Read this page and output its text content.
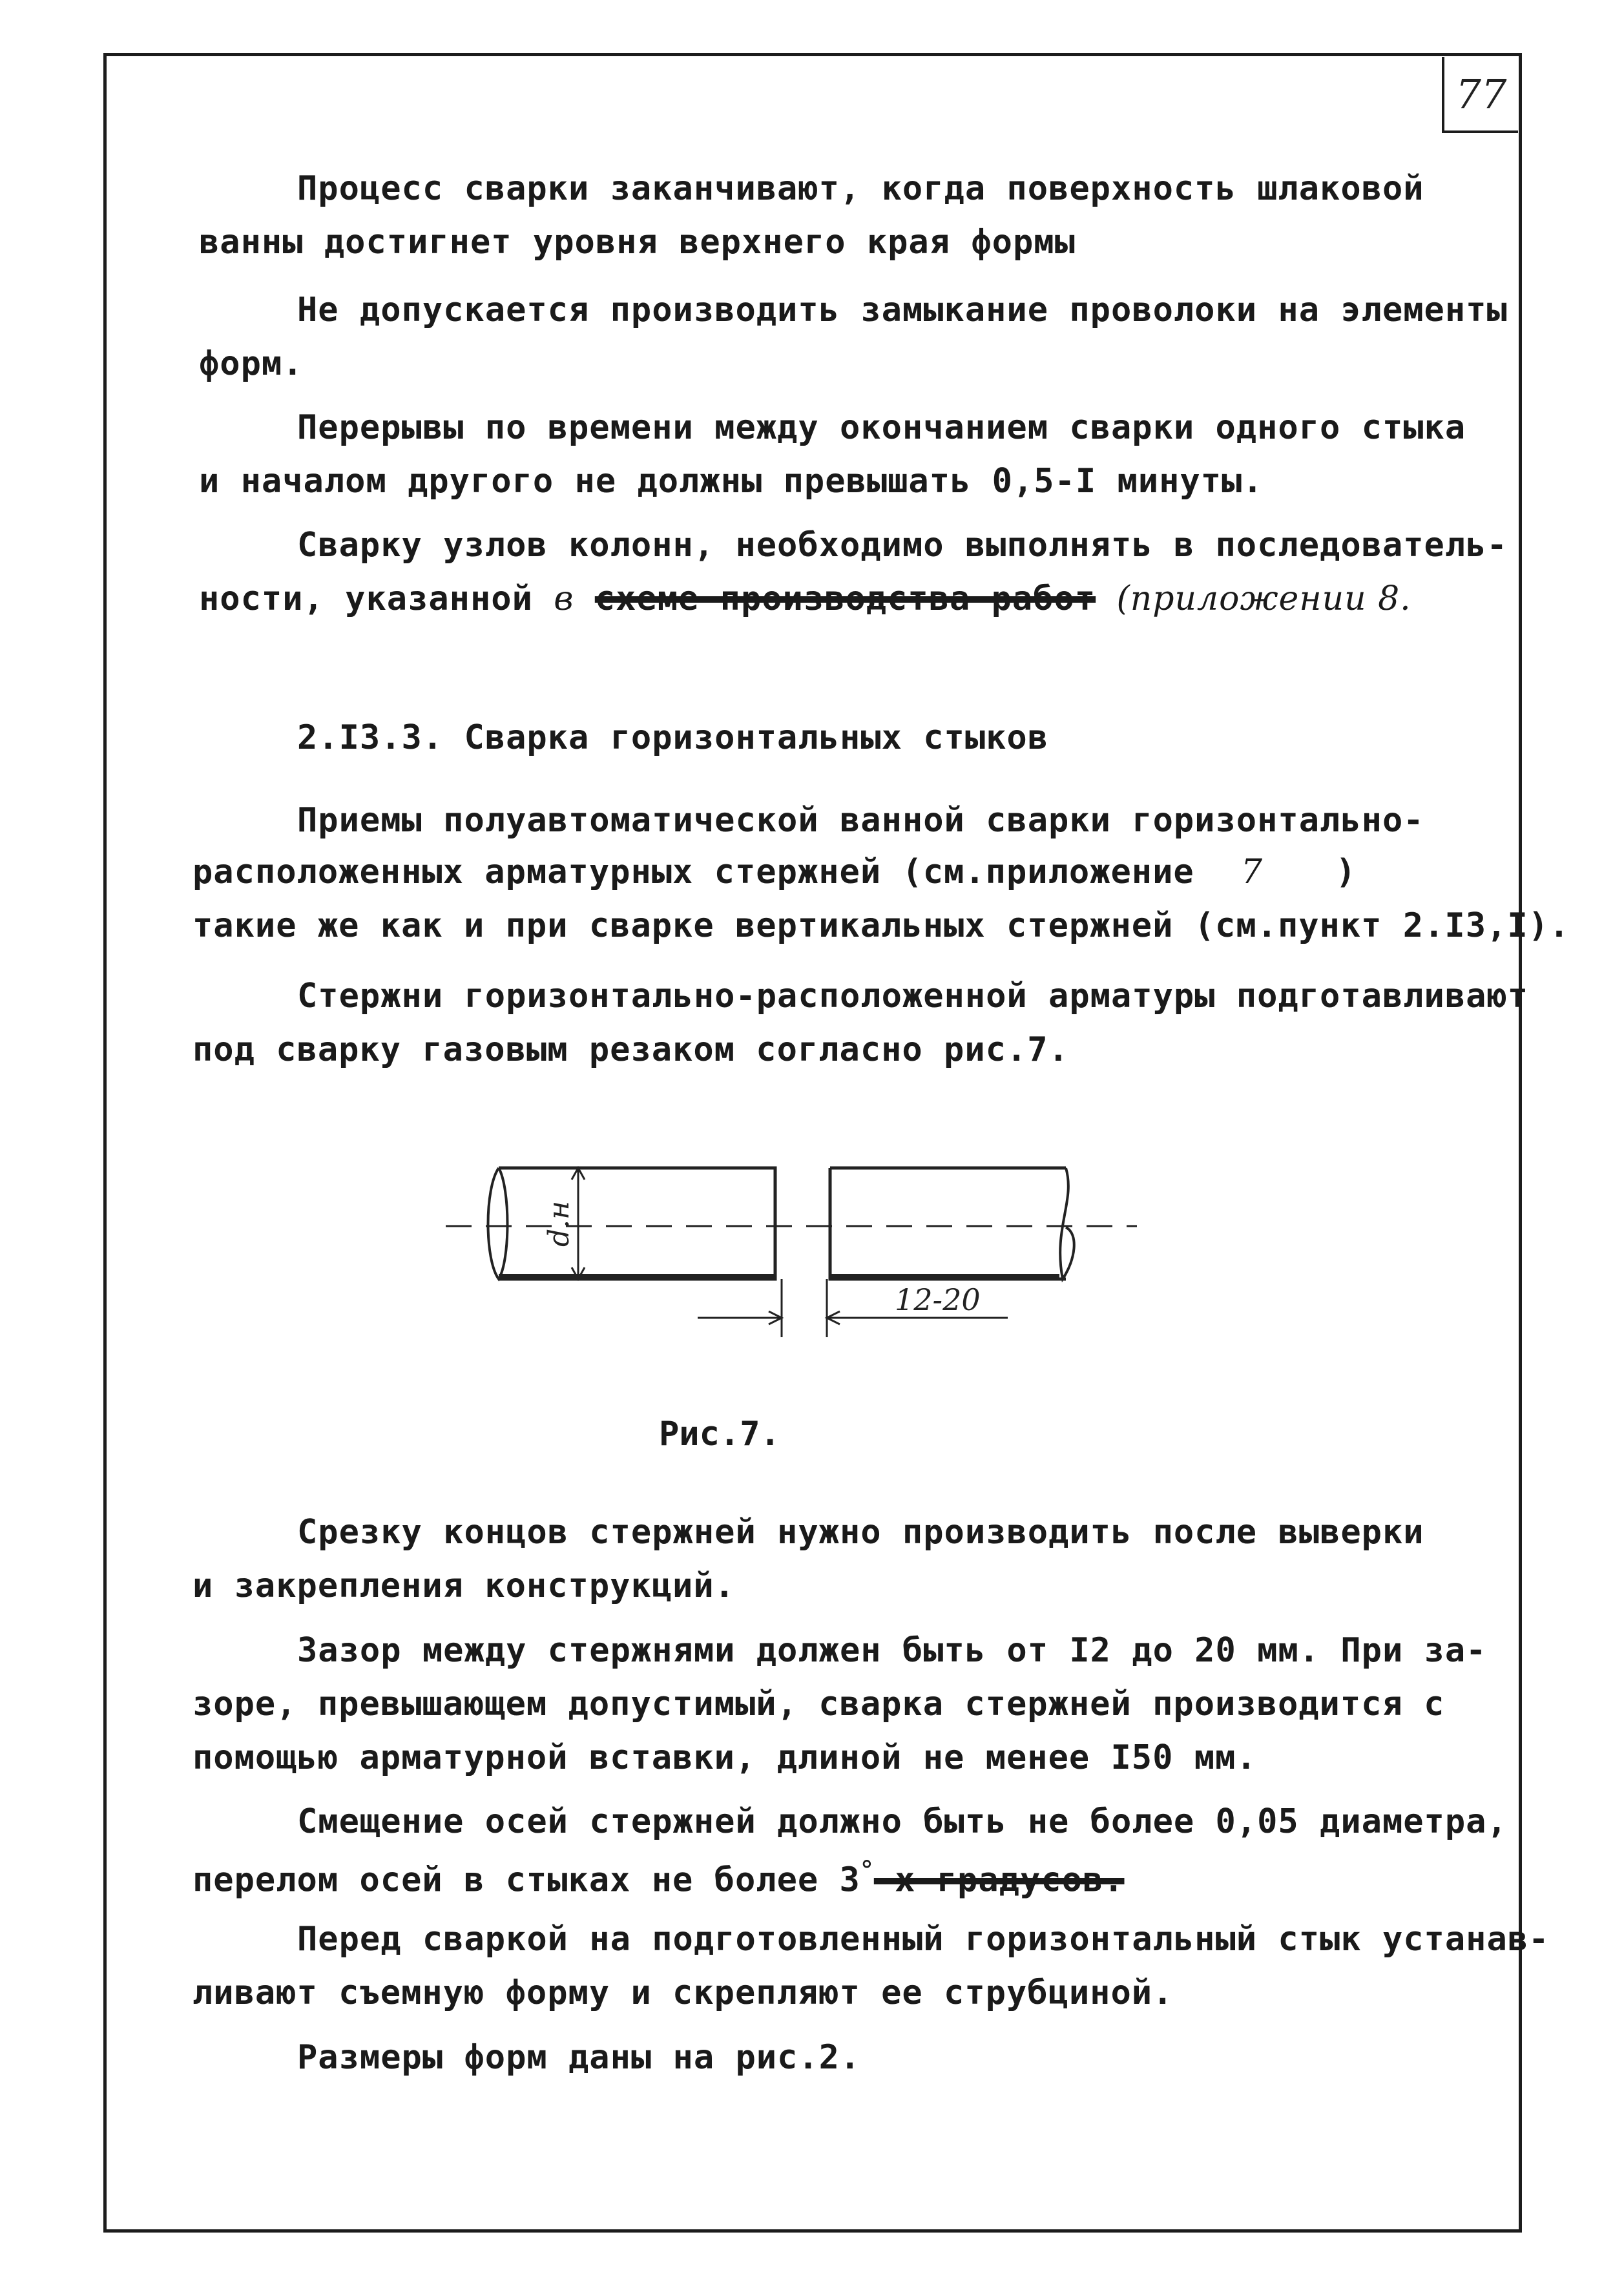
77
Процесс сварки заканчивают, когда поверхность шлаковой
ванны достигнет уровня верхнего края формы
Не допускается производить замыкание проволоки на элементы
форм.
Перерывы по времени между окончанием сварки одного стыка
и началом другого не должны превышать 0,5-I минуты.
Сварку узлов колонн, необходимо выполнять в последователь-
ности, указанной в схеме производства работ (приложении 8.
2.I3.3. Сварка горизонтальных стыков
Приемы полуавтоматической ванной сварки горизонтально-
расположенных арматурных стержней (см.приложение 7 )
такие же как и при сварке вертикальных стержней (см.пункт 2.I3,I).
Стержни горизонтально-расположенной арматуры подготавливают
под сварку газовым резаком согласно рис.7.
d.н
12-20
Рис.7.
Срезку концов стержней нужно производить после выверки
и закрепления конструкций.
Зазор между стержнями должен быть от I2 до 20 мм. При за-
зоре, превышающем допустимый, сварка стержней производится с
помощью арматурной вставки, длиной не менее I50 мм.
Смещение осей стержней должно быть не более 0,05 диаметра,
перелом осей в стыках не более 3°-х градусов.
Перед сваркой на подготовленный горизонтальный стык устанав-
ливают съемную форму и скрепляют ее струбциной.
Размеры форм даны на рис.2.
